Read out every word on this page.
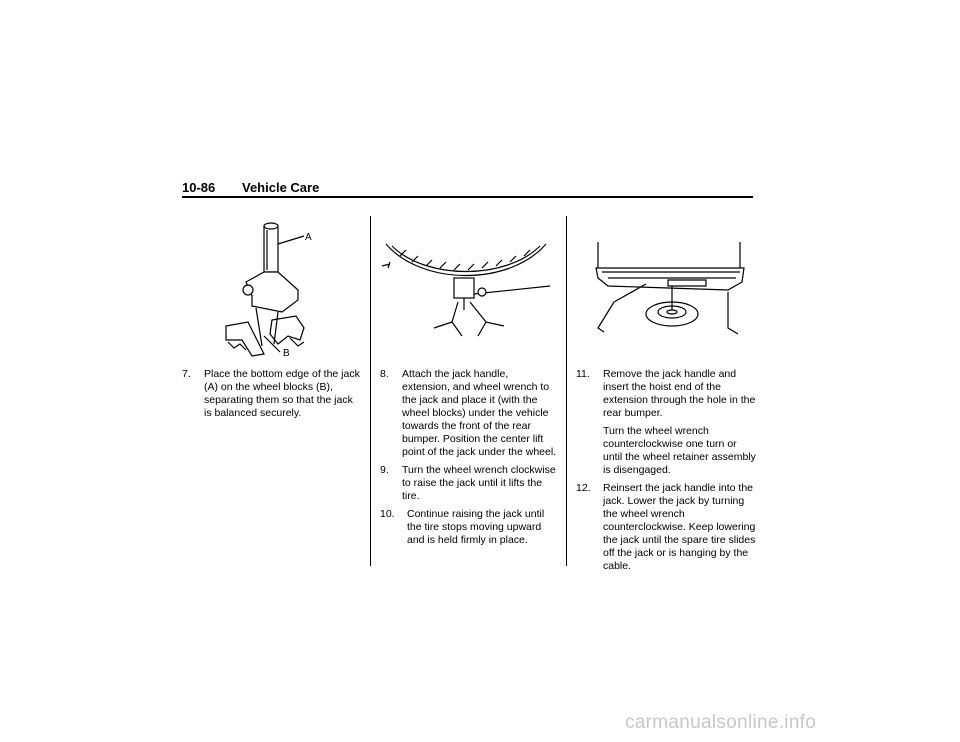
10-86 Vehicle Care
A
B
7. Place the bottom edge of the jack (A) on the wheel blocks (B), separating them so that the jack is balanced securely.
8. Attach the jack handle, extension, and wheel wrench to the jack and place it (with the wheel blocks) under the vehicle towards the front of the rear bumper. Position the center lift point of the jack under the wheel.
9. Turn the wheel wrench clockwise to raise the jack until it lifts the tire.
10. Continue raising the jack until the tire stops moving upward and is held firmly in place.
11. Remove the jack handle and insert the hoist end of the extension through the hole in the rear bumper.
Turn the wheel wrench counterclockwise one turn or until the wheel retainer assembly is disengaged.
12. Reinsert the jack handle into the jack. Lower the jack by turning the wheel wrench counterclockwise. Keep lowering the jack until the spare tire slides off the jack or is hanging by the cable.
carmanualsonline.info
